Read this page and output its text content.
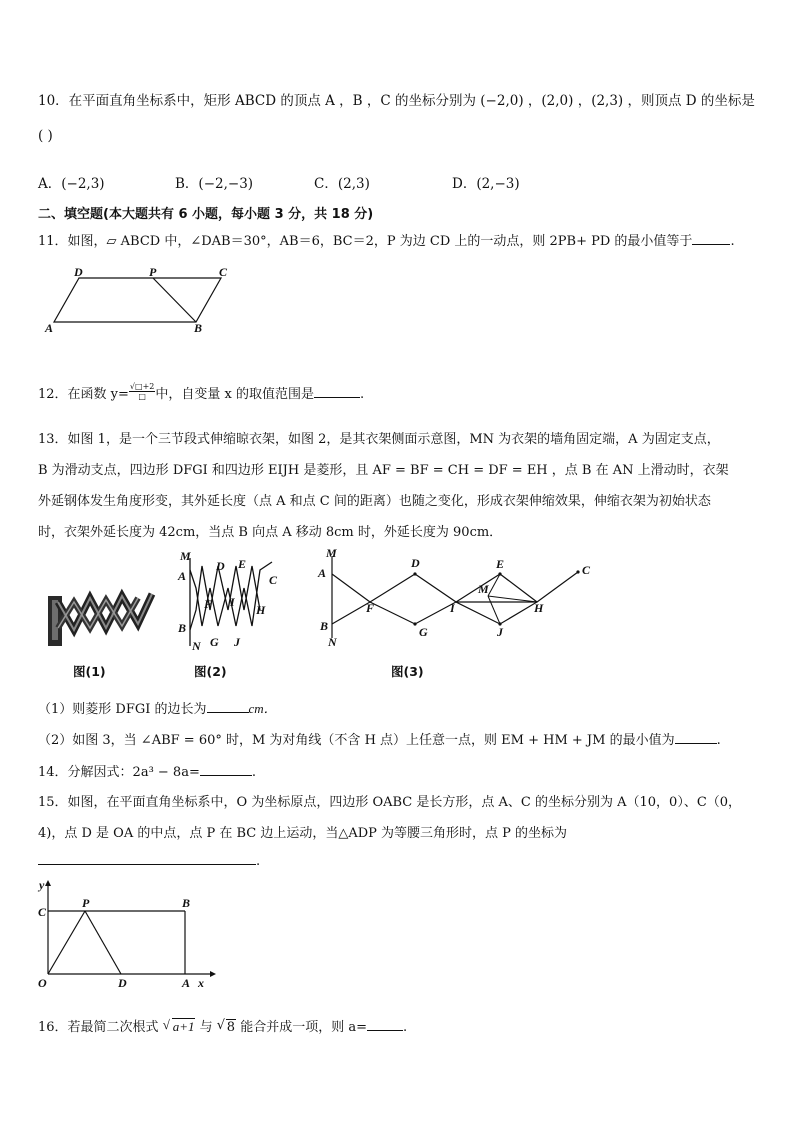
10．在平面直角坐标系中，矩形 ABCD 的顶点 A ，B ，C 的坐标分别为 (−2,0) ，(2,0) ，(2,3) ，则顶点 D 的坐标是
( )
A．(−2,3)	B．(−2,−3)	C．(2,3)	D．(2,−3)
二、填空题(本大题共有 6 小题，每小题 3 分，共 18 分)
11．如图，▱ ABCD 中，∠DAB＝30°，AB＝6，BC＝2，P 为边 CD 上的一动点，则 2PB+ PD 的最小值等于	.
D	P	C
A	B
12．在函数 y=
√□+2
□ 中，自变量 x 的取值范围是	.
13．如图 1，是一个三节段式伸缩晾衣架，如图 2，是其衣架侧面示意图，MN 为衣架的墙角固定端，A 为固定支点，
B 为滑动支点，四边形 DFGI 和四边形 EIJH 是菱形，且 AF = BF = CH = DF = EH ，点 B 在 AN 上滑动时，衣架
外延钢体发生角度形变，其外延长度（点 A 和点 C 间的距离）也随之变化，形成衣架伸缩效果，伸缩衣架为初始状态
时，衣架外延长度为 42cm，当点 B 向点 A 移动 8cm 时，外延长度为 90cm．
M
A
D E
C
F I
H
B
N G J
M
A
D	E	C
M
F	I	H
B
N
G	J
图(1)	图(2)	图(3)
（1）则菱形 DFGI 的边长为	cm．
（2）如图 3，当 ∠ABF = 60° 时，M 为对角线（不含 H 点）上任意一点，则 EM + HM + JM 的最小值为	.
14．分解因式：2a³ − 8a=	.
15．如图，在平面直角坐标系中，O 为坐标原点，四边形 OABC 是长方形，点 A、C 的坐标分别为 A（10，0）、C（0，
4)，点 D 是 OA 的中点，点 P 在 BC 边上运动，当△ADP 为等腰三角形时，点 P 的坐标为
.
y
C
P	B
O	D	A x
16．若最简二次根式 √ a+1 与 √ 8 能合并成一项，则 a=	.
